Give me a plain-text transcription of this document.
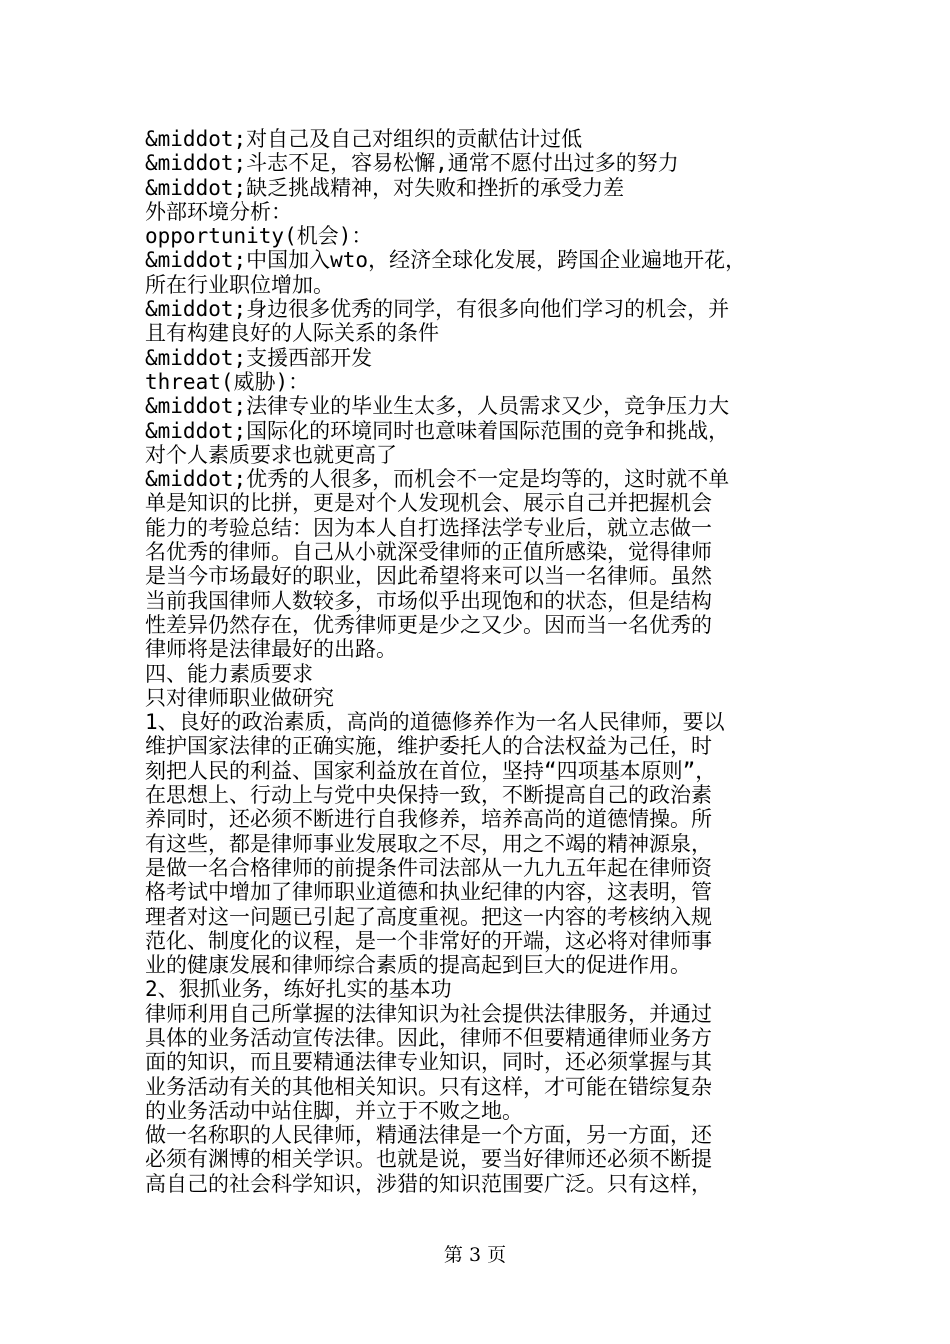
&middot;对自己及自己对组织的贡献估计过低
&middot;斗志不足，容易松懈,通常不愿付出过多的努力
&middot;缺乏挑战精神，对失败和挫折的承受力差
外部环境分析：
opportunity(机会)：
&middot;中国加入wto，经济全球化发展，跨国企业遍地开花，
所在行业职位增加。
&middot;身边很多优秀的同学，有很多向他们学习的机会，并
且有构建良好的人际关系的条件
&middot;支援西部开发
threat(威胁)：
&middot;法律专业的毕业生太多，人员需求又少，竞争压力大
&middot;国际化的环境同时也意味着国际范围的竞争和挑战，
对个人素质要求也就更高了
&middot;优秀的人很多，而机会不一定是均等的，这时就不单
单是知识的比拼，更是对个人发现机会、展示自己并把握机会
能力的考验总结：因为本人自打选择法学专业后，就立志做一
名优秀的律师。自己从小就深受律师的正值所感染，觉得律师
是当今市场最好的职业，因此希望将来可以当一名律师。虽然
当前我国律师人数较多，市场似乎出现饱和的状态，但是结构
性差异仍然存在，优秀律师更是少之又少。因而当一名优秀的
律师将是法律最好的出路。
四、能力素质要求
只对律师职业做研究
1、良好的政治素质，高尚的道德修养作为一名人民律师，要以
维护国家法律的正确实施，维护委托人的合法权益为己任，时
刻把人民的利益、国家利益放在首位，坚持“四项基本原则”，
在思想上、行动上与党中央保持一致，不断提高自己的政治素
养同时，还必须不断进行自我修养，培养高尚的道德情操。所
有这些，都是律师事业发展取之不尽，用之不竭的精神源泉，
是做一名合格律师的前提条件司法部从一九九五年起在律师资
格考试中增加了律师职业道德和执业纪律的内容，这表明，管
理者对这一问题已引起了高度重视。把这一内容的考核纳入规
范化、制度化的议程，是一个非常好的开端，这必将对律师事
业的健康发展和律师综合素质的提高起到巨大的促进作用。
2、狠抓业务，练好扎实的基本功
律师利用自己所掌握的法律知识为社会提供法律服务，并通过
具体的业务活动宣传法律。因此，律师不但要精通律师业务方
面的知识，而且要精通法律专业知识，同时，还必须掌握与其
业务活动有关的其他相关知识。只有这样，才可能在错综复杂
的业务活动中站住脚，并立于不败之地。
做一名称职的人民律师，精通法律是一个方面，另一方面，还
必须有渊博的相关学识。也就是说，要当好律师还必须不断提
高自己的社会科学知识，涉猎的知识范围要广泛。只有这样，
第 3 页
